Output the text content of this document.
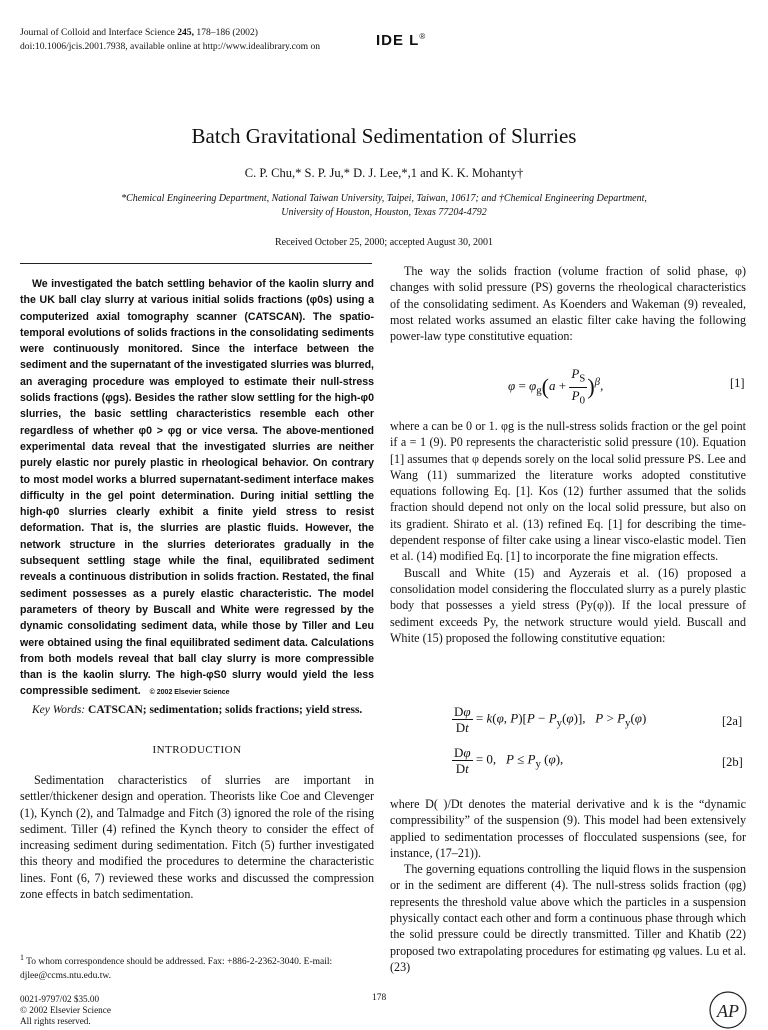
Journal of Colloid and Interface Science 245, 178–186 (2002)
doi:10.1006/jcis.2001.7938, available online at http://www.idealibrary.com on	IDE L®
Batch Gravitational Sedimentation of Slurries
C. P. Chu,* S. P. Ju,* D. J. Lee,*,1 and K. K. Mohanty†
*Chemical Engineering Department, National Taiwan University, Taipei, Taiwan, 10617; and †Chemical Engineering Department,
University of Houston, Houston, Texas 77204-4792
Received October 25, 2000; accepted August 30, 2001

We investigated the batch settling behavior of the kaolin slurry and the UK ball clay slurry at various initial solids fractions (φ0s) using a computerized axial tomography scanner (CATSCAN). The spatio-temporal evolutions of solids fractions in the consolidating sediments were continuously monitored. Since the interface between the sediment and the supernatant of the investigated slurries was blurred, an averaging procedure was employed to estimate their null-stress solids fractions (φgs). Besides the rather slow settling for the high-φ0 slurries, the basic settling characteristics resemble each other regardless of whether φ0 > φg or vice versa. The above-mentioned experimental data reveal that the investigated slurries are neither purely elastic nor purely plastic in rheological behavior. On contrary to most model works a blurred supernatant-sediment interface makes difficulty in the gel point determination. During initial settling the high-φ0 slurries clearly exhibit a finite yield stress to resist deformation. That is, the slurries are plastic fluids. However, the network structure in the slurries deteriorates gradually in the subsequent settling stage while the final, equilibrated sediment reveals a continuous distribution in solids fraction. Restated, the final sediment possesses as a purely elastic characteristic. The model parameters of theory by Buscall and White were regressed by the dynamic consolidating sediment data, while those by Tiller and Leu were obtained using the final equilibrated sediment data. Calculations from both models reveal that ball clay slurry is more compressible than is the kaolin slurry. The high-φS0 slurry would yield the less compressible sediment. © 2002 Elsevier Science

Key Words: CATSCAN; sedimentation; solids fractions; yield stress.

INTRODUCTION

Sedimentation characteristics of slurries are important in settler/thickener design and operation. Theorists like Coe and Clevenger (1), Kynch (2), and Talmadge and Fitch (3) ignored the role of the rising sediment. Tiller (4) refined the Kynch theory to consider the effect of increasing sediment during sedimentation. Fitch (5) further investigated this theory and modified the procedures to determine the characteristic lines. Font (6, 7) reviewed these works and discussed the compression zone effects in batch sedimentation.

$^1$ To whom correspondence should be addressed. Fax: +886-2-2362-3040. E-mail: djlee@ccms.ntu.edu.tw.
0021-9797/02 $35.00
© 2002 Elsevier Science
All rights reserved.
178
AP

The way the solids fraction (volume fraction of solid phase, φ) changes with solid pressure (PS) governs the rheological characteristics of the consolidating sediment. As Koenders and Wakeman (9) revealed, most related works assumed an elastic filter cake having the following power-law type constitutive equation:

$\varphi = \varphi_g(a + \frac{P_S}{P_0} )^\beta$,	[1]

where a can be 0 or 1. φg is the null-stress solids fraction or the gel point if a = 1 (9). P0 represents the characteristic solid pressure (10). Equation [1] assumes that φ depends sorely on the local solid pressure PS. Lee and Wang (11) summarized the literature works adopted constitutive equations following Eq. [1]. Kos (12) further assumed that the solids fraction should depend not only on the local solid pressure, but also on its gradient. Shirato et al. (13) refined Eq. [1] for describing the time-dependent response of filter cake using a linear visco-elastic model. Tien et al. (14) modified Eq. [1] to incorporate the fine migration effects.

Buscall and White (15) and Ayzerais et al. (16) proposed a consolidation model considering the flocculated slurry as a purely plastic body that possesses a yield stress (Py(φ)). If the local pressure of sediment exceeds Py, the network structure would yield. Buscall and White (15) proposed the following constitutive equation:

$\frac{D\varphi}{Dt} = k(\varphi$, $P)[P - P_y(\varphi)]$,   $P > P_y(\varphi)$	[2a]
$\frac{D\varphi}{Dt} = 0$,   $P \le P_y$ (φ),	[2b]

where D( )/Dt denotes the material derivative and k is the “dynamic compressibility” of the suspension (9). This model had been extensively applied to sedimentation processes of flocculated suspensions (see, for instance, (17–21)).

The governing equations controlling the liquid flows in the suspension or in the sediment are different (4). The null-stress solids fraction (φg) represents the threshold value above which the particles in a suspension physically contact each other and form a continuous phase through which the solid pressure could be directly transmitted. Tiller and Khatib (22) proposed two extrapolating procedures for estimating φg values. Lu et al. (23)
